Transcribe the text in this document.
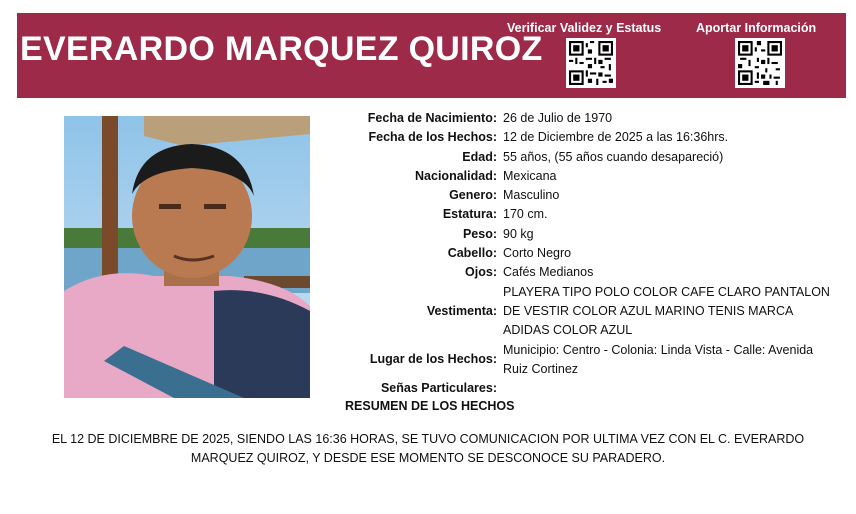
EVERARDO MARQUEZ QUIROZ
Verificar Validez y Estatus	Aportar Información
Fecha de Nacimiento: 26 de Julio de 1970
Fecha de los Hechos: 12 de Diciembre de 2025 a las 16:36hrs.
Edad: 55 años, (55 años cuando desapareció)
Nacionalidad: Mexicana
Genero: Masculino
Estatura: 170 cm.
Peso: 90 kg
Cabello: Corto Negro
Ojos: Cafés Medianos
Vestimenta:
PLAYERA TIPO POLO COLOR CAFE CLARO PANTALON
DE VESTIR COLOR AZUL MARINO TENIS MARCA
ADIDAS COLOR AZUL
Lugar de los Hechos:
Municipio: Centro - Colonia: Linda Vista - Calle: Avenida
Ruiz Cortinez
Señas Particulares:
RESUMEN DE LOS HECHOS
EL 12 DE DICIEMBRE DE 2025, SIENDO LAS 16:36 HORAS, SE TUVO COMUNICACION POR ULTIMA VEZ CON EL C. EVERARDO
MARQUEZ QUIROZ, Y DESDE ESE MOMENTO SE DESCONOCE SU PARADERO.
